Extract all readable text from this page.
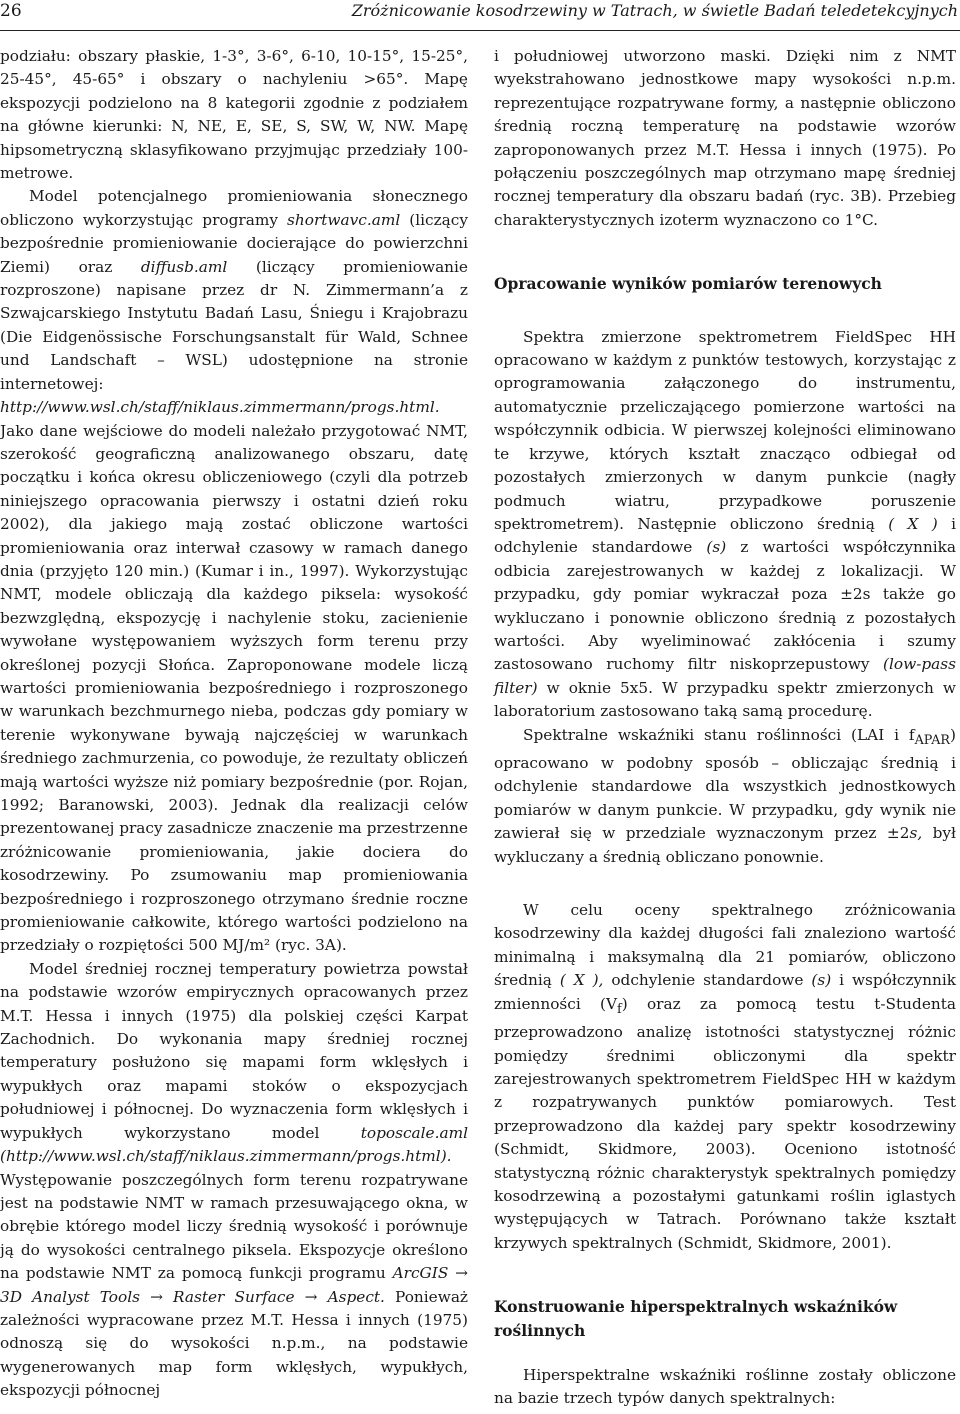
26	Zróżnicowanie kosodrzewiny w Tatrach, w świetle Badań teledetekcyjnych

podziału: obszary płaskie, 1-3°, 3-6°, 6-10, 10-15°, 15-25°, 25-45°, 45-65° i obszary o nachyleniu >65°. Mapę ekspozycji podzielono na 8 kategorii zgodnie z podziałem na główne kierunki: N, NE, E, SE, S, SW, W, NW. Mapę hipsometryczną sklasyfikowano przyjmując przedziały 100-metrowe.

Model potencjalnego promieniowania słonecznego obliczono wykorzystując programy shortwavc.aml (liczący bezpośrednie promieniowanie docierające do powierzchni Ziemi) oraz diffusb.aml (liczący promieniowanie rozproszone) napisane przez dr N. Zimmermann’a z Szwajcarskiego Instytutu Badań Lasu, Śniegu i Krajobrazu (Die Eidgenössische Forschungsanstalt für Wald, Schnee und Landschaft – WSL) udostępnione na stronie internetowej: http://www.wsl.ch/staff/niklaus.zimmermann/progs.html. Jako dane wejściowe do modeli należało przygotować NMT, szerokość geograficzną analizowanego obszaru, datę początku i końca okresu obliczeniowego (czyli dla potrzeb niniejszego opracowania pierwszy i ostatni dzień roku 2002), dla jakiego mają zostać obliczone wartości promieniowania oraz interwał czasowy w ramach danego dnia (przyjęto 120 min.) (Kumar i in., 1997). Wykorzystując NMT, modele obliczają dla każdego piksela: wysokość bezwzględną, ekspozycję i nachylenie stoku, zacienienie wywołane występowaniem wyższych form terenu przy określonej pozycji Słońca. Zaproponowane modele liczą wartości promieniowania bezpośredniego i rozproszonego w warunkach bezchmurnego nieba, podczas gdy pomiary w terenie wykonywane bywają najczęściej w warunkach średniego zachmurzenia, co powoduje, że rezultaty obliczeń mają wartości wyższe niż pomiary bezpośrednie (por. Rojan, 1992; Baranowski, 2003). Jednak dla realizacji celów prezentowanej pracy zasadnicze znaczenie ma przestrzenne zróżnicowanie promieniowania, jakie dociera do kosodrzewiny. Po zsumowaniu map promieniowania bezpośredniego i rozproszonego otrzymano średnie roczne promieniowanie całkowite, którego wartości podzielono na przedziały o rozpiętości 500 MJ/m² (ryc. 3A).

Model średniej rocznej temperatury powietrza powstał na podstawie wzorów empirycznych opracowanych przez M.T. Hessa i innych (1975) dla polskiej części Karpat Zachodnich. Do wykonania mapy średniej rocznej temperatury posłużono się mapami form wklęsłych i wypukłych oraz mapami stoków o ekspozycjach południowej i północnej. Do wyznaczenia form wklęsłych i wypukłych wykorzystano model toposcale.aml (http://www.wsl.ch/staff/niklaus.zimmermann/progs.html). Występowanie poszczególnych form terenu rozpatrywane jest na podstawie NMT w ramach przesuwającego okna, w obrębie którego model liczy średnią wysokość i porównuje ją do wysokości centralnego piksela. Ekspozycje określono na podstawie NMT za pomocą funkcji programu ArcGIS → 3D Analyst Tools → Raster Surface → Aspect. Ponieważ zależności wypracowane przez M.T. Hessa i innych (1975) odnoszą się do wysokości n.p.m., na podstawie wygenerowanych map form wklęsłych, wypukłych, ekspozycji północnej

i południowej utworzono maski. Dzięki nim z NMT wyekstrahowano jednostkowe mapy wysokości n.p.m. reprezentujące rozpatrywane formy, a następnie obliczono średnią roczną temperaturę na podstawie wzorów zaproponowanych przez M.T. Hessa i innych (1975). Po połączeniu poszczególnych map otrzymano mapę średniej rocznej temperatury dla obszaru badań (ryc. 3B). Przebieg charakterystycznych izoterm wyznaczono co 1°C.

Opracowanie wyników pomiarów terenowych

Spektra zmierzone spektrometrem FieldSpec HH opracowano w każdym z punktów testowych, korzystając z oprogramowania załączonego do instrumentu, automatycznie przeliczającego pomierzone wartości na współczynnik odbicia. W pierwszej kolejności eliminowano te krzywe, których kształt znacząco odbiegał od pozostałych zmierzonych w danym punkcie (nagły podmuch wiatru, przypadkowe poruszenie spektrometrem). Następnie obliczono średnią ( X ) i odchylenie standardowe (s) z wartości współczynnika odbicia zarejestrowanych w każdej z lokalizacji. W przypadku, gdy pomiar wykraczał poza ±2s także go wykluczano i ponownie obliczono średnią z pozostałych wartości. Aby wyeliminować zakłócenia i szumy zastosowano ruchomy filtr niskoprzepustowy (low-pass filter) w oknie 5x5. W przypadku spektr zmierzonych w laboratorium zastosowano taką samą procedurę.

Spektralne wskaźniki stanu roślinności (LAI i $f_{APAR}$) opracowano w podobny sposób – obliczając średnią i odchylenie standardowe dla wszystkich jednostkowych pomiarów w danym punkcie. W przypadku, gdy wynik nie zawierał się w przedziale wyznaczonym przez ±2s, był wykluczany a średnią obliczano ponownie.

W celu oceny spektralnego zróżnicowania kosodrzewiny dla każdej długości fali znaleziono wartość minimalną i maksymalną dla 21 pomiarów, obliczono średnią ( X ), odchylenie standardowe (s) i współczynnik zmienności $(V_f)$ oraz za pomocą testu t-Studenta przeprowadzono analizę istotności statystycznej różnic pomiędzy średnimi obliczonymi dla spektr zarejestrowanych spektrometrem FieldSpec HH w każdym z rozpatrywanych punktów pomiarowych. Test przeprowadzono dla każdej pary spektr kosodrzewiny (Schmidt, Skidmore, 2003). Oceniono istotność statystyczną różnic charakterystyk spektralnych pomiędzy kosodrzewiną a pozostałymi gatunkami roślin iglastych występujących w Tatrach. Porównano także kształt krzywych spektralnych (Schmidt, Skidmore, 2001).

Konstruowanie hiperspektralnych wskaźników roślinnych

Hiperspektralne wskaźniki roślinne zostały obliczone na bazie trzech typów danych spektralnych:
